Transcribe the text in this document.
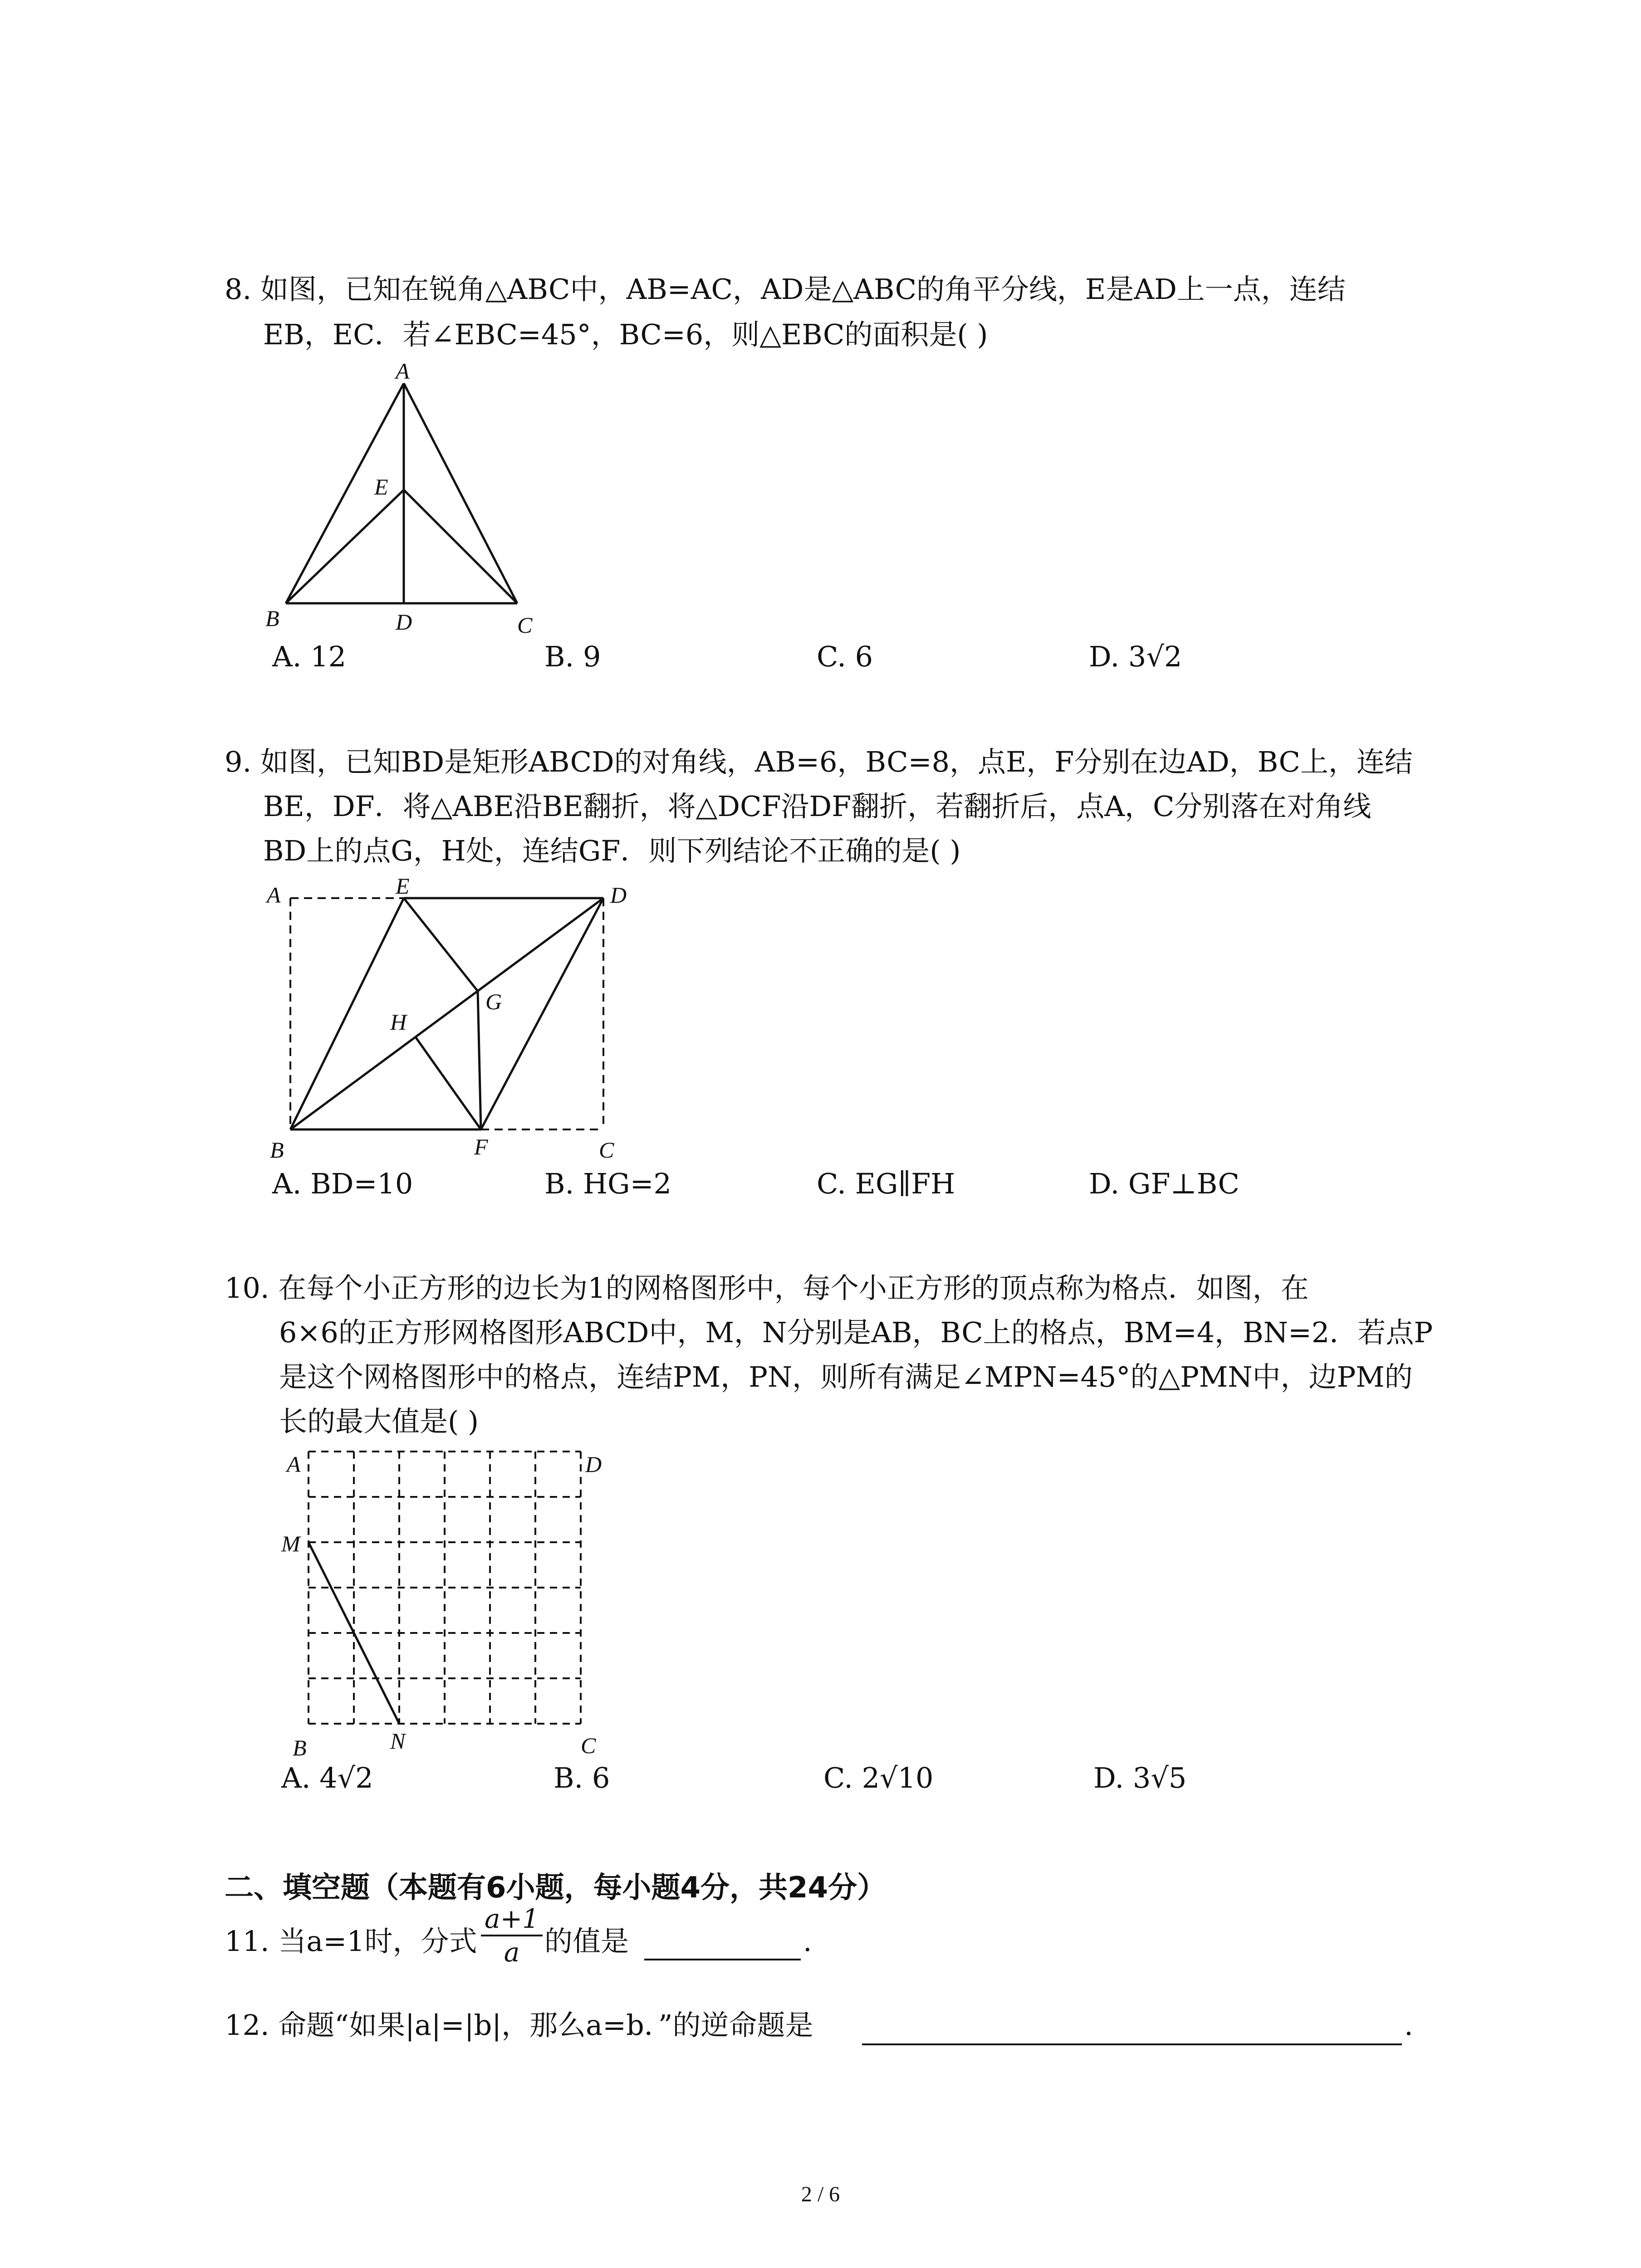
8. 如图，已知在锐角△ABC中，AB=AC，AD是△ABC的角平分线，E是AD上一点，连结
EB，EC．若∠EBC=45°，BC=6，则△EBC的面积是( )
A
E
B	D	C
A. 12	B. 9	C. 6	D. 3√2
9. 如图，已知BD是矩形ABCD的对角线，AB=6，BC=8，点E，F分别在边AD，BC上，连结
BE，DF．将△ABE沿BE翻折，将△DCF沿DF翻折，若翻折后，点A，C分别落在对角线
BD上的点G，H处，连结GF．则下列结论不正确的是( )
A	E	D
G
H
B	F	C
A. BD=10	B. HG=2	C. EG∥FH	D. GF⊥BC
10. 在每个小正方形的边长为1的网格图形中，每个小正方形的顶点称为格点．如图，在
6×6的正方形网格图形ABCD中，M，N分别是AB，BC上的格点，BM=4，BN=2．若点P
是这个网格图形中的格点，连结PM，PN，则所有满足∠MPN=45°的△PMN中，边PM的
长的最大值是( )
A	D
M
B	N	C
A. 4√2	B. 6	C. 2√10	D. 3√5
二、填空题（本题有6小题，每小题4分，共24分）
11. 当a=1时，分式 $\frac{a+1}{a}$ 的值是	.
12. 命题“如果|a|=|b|，那么a=b．”的逆命题是	.
2 / 6
